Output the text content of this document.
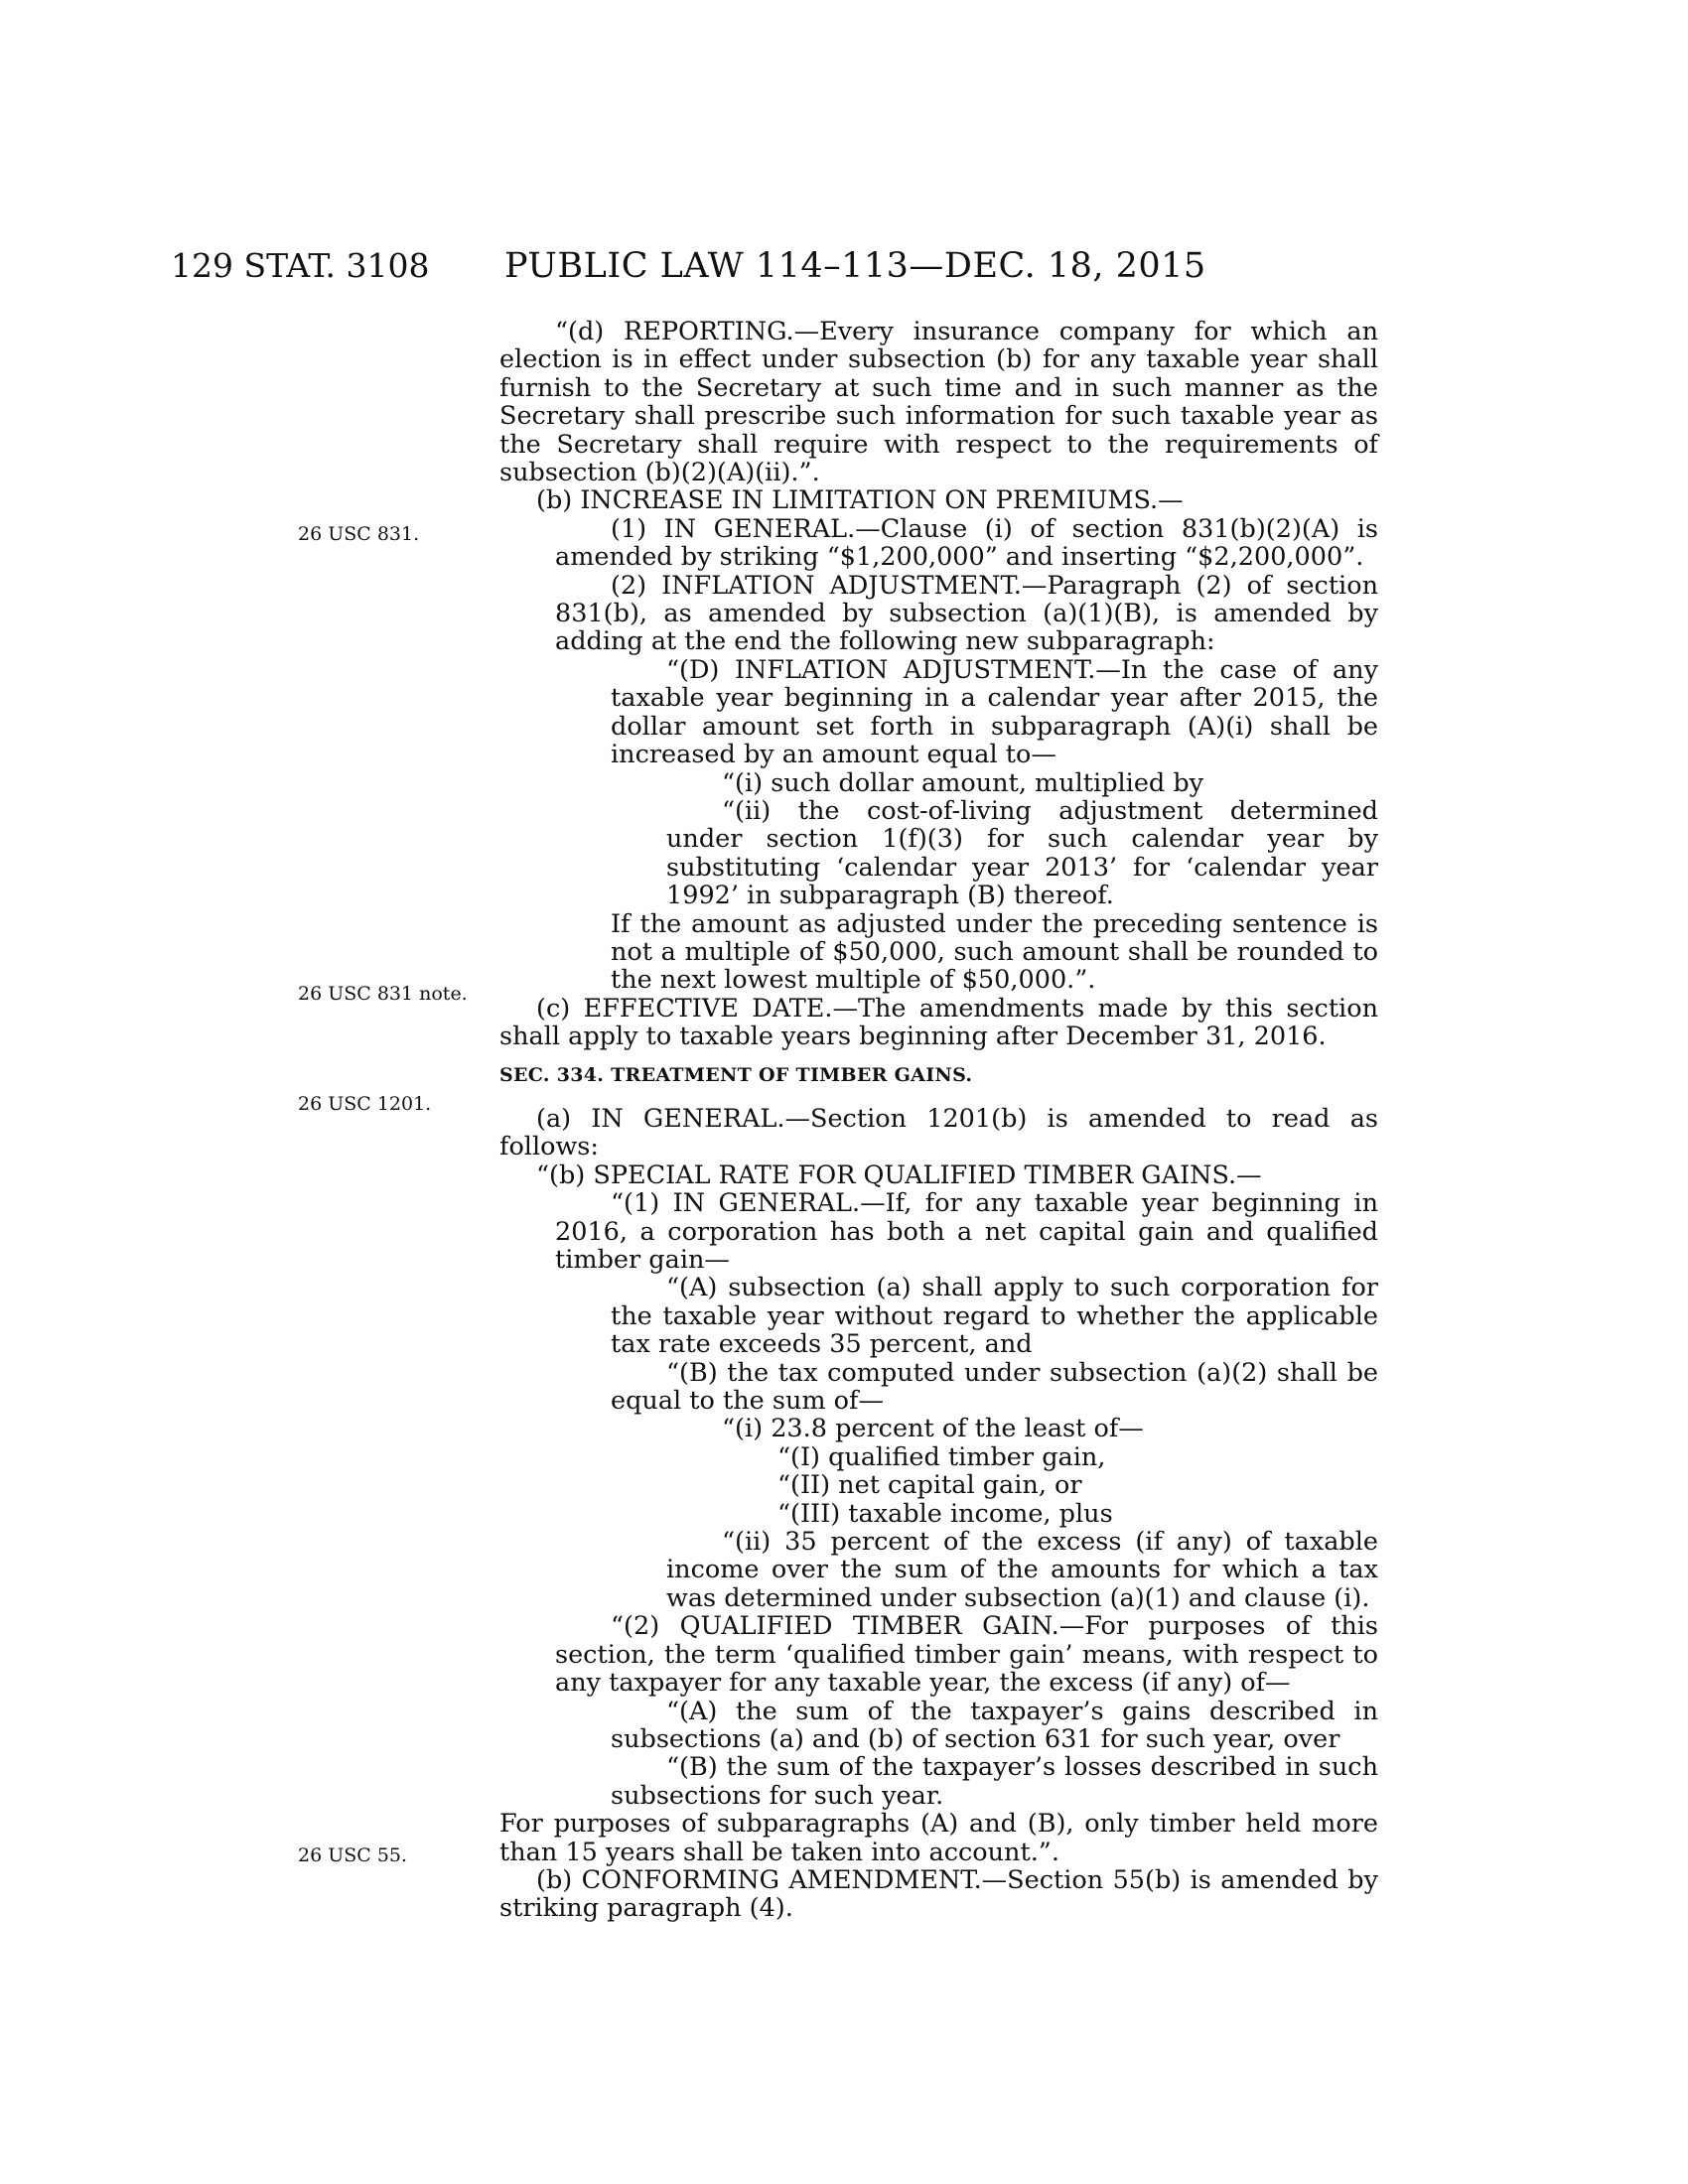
129 STAT. 3108 PUBLIC LAW 114–113—DEC. 18, 2015
26 USC 831.
26 USC 831 note.
26 USC 1201.
26 USC 55.

“(d) REPORTING.—Every insurance company for which an election is in effect under subsection (b) for any taxable year shall furnish to the Secretary at such time and in such manner as the Secretary shall prescribe such information for such taxable year as the Secretary shall require with respect to the requirements of subsection (b)(2)(A)(ii).”.

(b) INCREASE IN LIMITATION ON PREMIUMS.—

(1) IN GENERAL.—Clause (i) of section 831(b)(2)(A) is amended by striking “$1,200,000” and inserting “$2,200,000”.

(2) INFLATION ADJUSTMENT.—Paragraph (2) of section 831(b), as amended by subsection (a)(1)(B), is amended by adding at the end the following new subparagraph:

“(D) INFLATION ADJUSTMENT.—In the case of any taxable year beginning in a calendar year after 2015, the dollar amount set forth in subparagraph (A)(i) shall be increased by an amount equal to—

“(i) such dollar amount, multiplied by

“(ii) the cost-of-living adjustment determined under section 1(f)(3) for such calendar year by substituting ‘calendar year 2013’ for ‘calendar year 1992’ in subparagraph (B) thereof.

If the amount as adjusted under the preceding sentence is not a multiple of $50,000, such amount shall be rounded to the next lowest multiple of $50,000.”.

(c) EFFECTIVE DATE.—The amendments made by this section shall apply to taxable years beginning after December 31, 2016.

SEC. 334. TREATMENT OF TIMBER GAINS.

(a) IN GENERAL.—Section 1201(b) is amended to read as follows:

“(b) SPECIAL RATE FOR QUALIFIED TIMBER GAINS.—

“(1) IN GENERAL.—If, for any taxable year beginning in 2016, a corporation has both a net capital gain and qualified timber gain—

“(A) subsection (a) shall apply to such corporation for the taxable year without regard to whether the applicable tax rate exceeds 35 percent, and

“(B) the tax computed under subsection (a)(2) shall be equal to the sum of—

“(i) 23.8 percent of the least of—

“(I) qualified timber gain,

“(II) net capital gain, or

“(III) taxable income, plus

“(ii) 35 percent of the excess (if any) of taxable income over the sum of the amounts for which a tax was determined under subsection (a)(1) and clause (i).

“(2) QUALIFIED TIMBER GAIN.—For purposes of this section, the term ‘qualified timber gain’ means, with respect to any taxpayer for any taxable year, the excess (if any) of—

“(A) the sum of the taxpayer’s gains described in subsections (a) and (b) of section 631 for such year, over

“(B) the sum of the taxpayer’s losses described in such subsections for such year.

For purposes of subparagraphs (A) and (B), only timber held more than 15 years shall be taken into account.”.

(b) CONFORMING AMENDMENT.—Section 55(b) is amended by striking paragraph (4).
